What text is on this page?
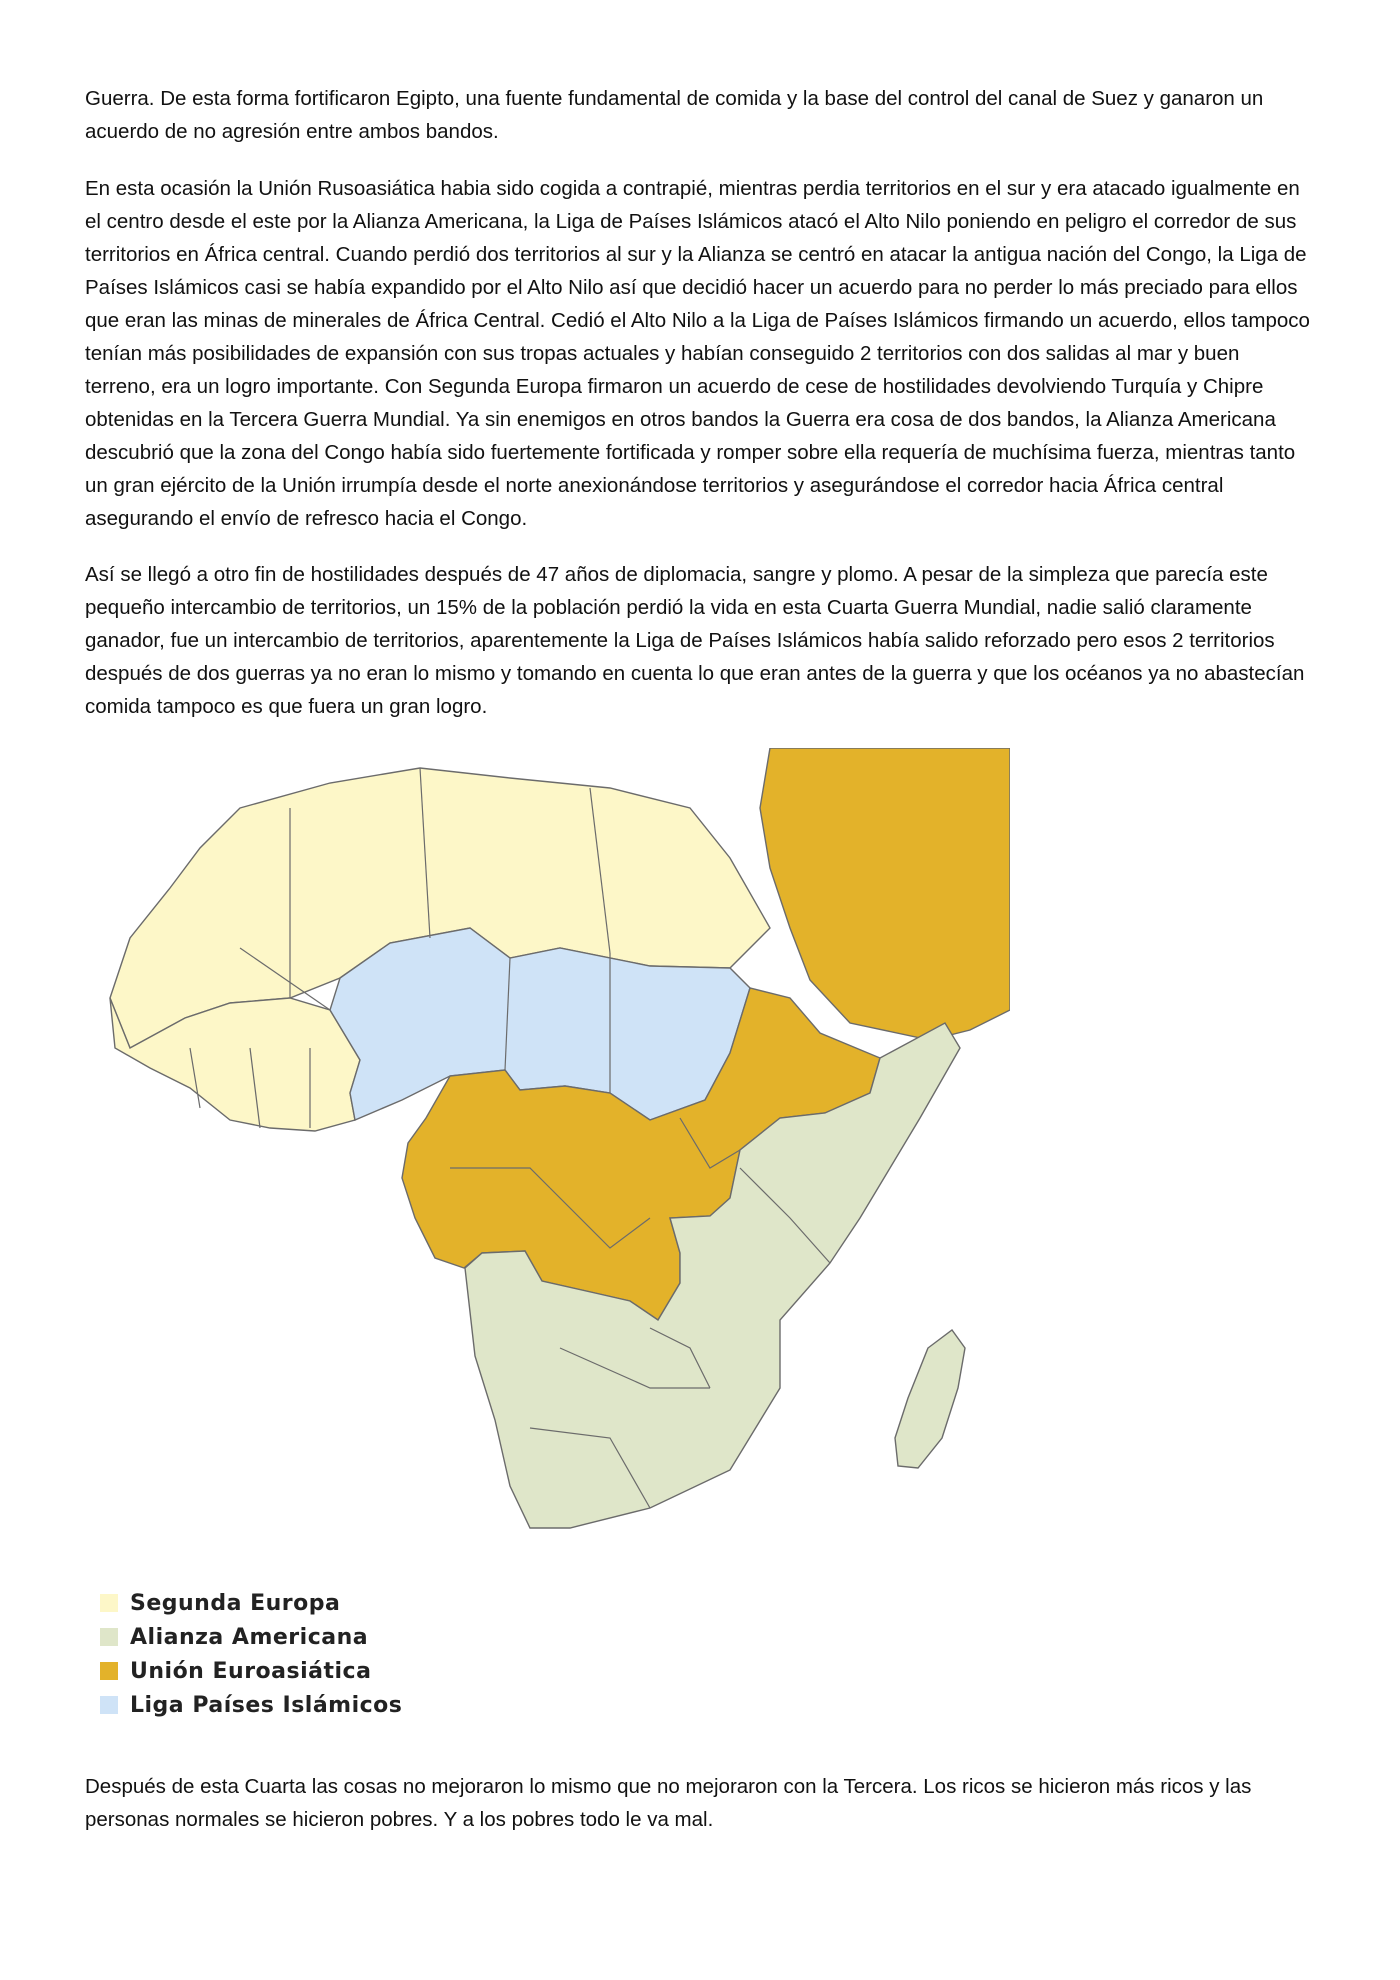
Guerra. De esta forma fortificaron Egipto, una fuente fundamental de comida y la base del control del canal de Suez y ganaron un acuerdo de no agresión entre ambos bandos.

En esta ocasión la Unión Rusoasiática habia sido cogida a contrapié, mientras perdia territorios en el sur y era atacado igualmente en el centro desde el este por la Alianza Americana, la Liga de Países Islámicos atacó el Alto Nilo poniendo en peligro el corredor de sus territorios en África central. Cuando perdió dos territorios al sur y la Alianza se centró en atacar la antigua nación del Congo, la Liga de Países Islámicos casi se había expandido por el Alto Nilo así que decidió hacer un acuerdo para no perder lo más preciado para ellos que eran las minas de minerales de África Central. Cedió el Alto Nilo a la Liga de Países Islámicos firmando un acuerdo, ellos tampoco tenían más posibilidades de expansión con sus tropas actuales y habían conseguido 2 territorios con dos salidas al mar y buen terreno, era un logro importante. Con Segunda Europa firmaron un acuerdo de cese de hostilidades devolviendo Turquía y Chipre obtenidas en la Tercera Guerra Mundial. Ya sin enemigos en otros bandos la Guerra era cosa de dos bandos, la Alianza Americana descubrió que la zona del Congo había sido fuertemente fortificada y romper sobre ella requería de muchísima fuerza, mientras tanto un gran ejército de la Unión irrumpía desde el norte anexionándose territorios y asegurándose el corredor hacia África central asegurando el envío de refresco hacia el Congo.

Así se llegó a otro fin de hostilidades después de 47 años de diplomacia, sangre y plomo. A pesar de la simpleza que parecía este pequeño intercambio de territorios, un 15% de la población perdió la vida en esta Cuarta Guerra Mundial, nadie salió claramente ganador, fue un intercambio de territorios, aparentemente la Liga de Países Islámicos había salido reforzado pero esos 2 territorios después de dos guerras ya no eran lo mismo y tomando en cuenta lo que eran antes de la guerra y que los océanos ya no abastecían comida tampoco es que fuera un gran logro.

Segunda Europa
Alianza Americana
Unión Euroasiática
Liga Países Islámicos

Después de esta Cuarta las cosas no mejoraron lo mismo que no mejoraron con la Tercera. Los ricos se hicieron más ricos y las personas normales se hicieron pobres. Y a los pobres todo le va mal.
